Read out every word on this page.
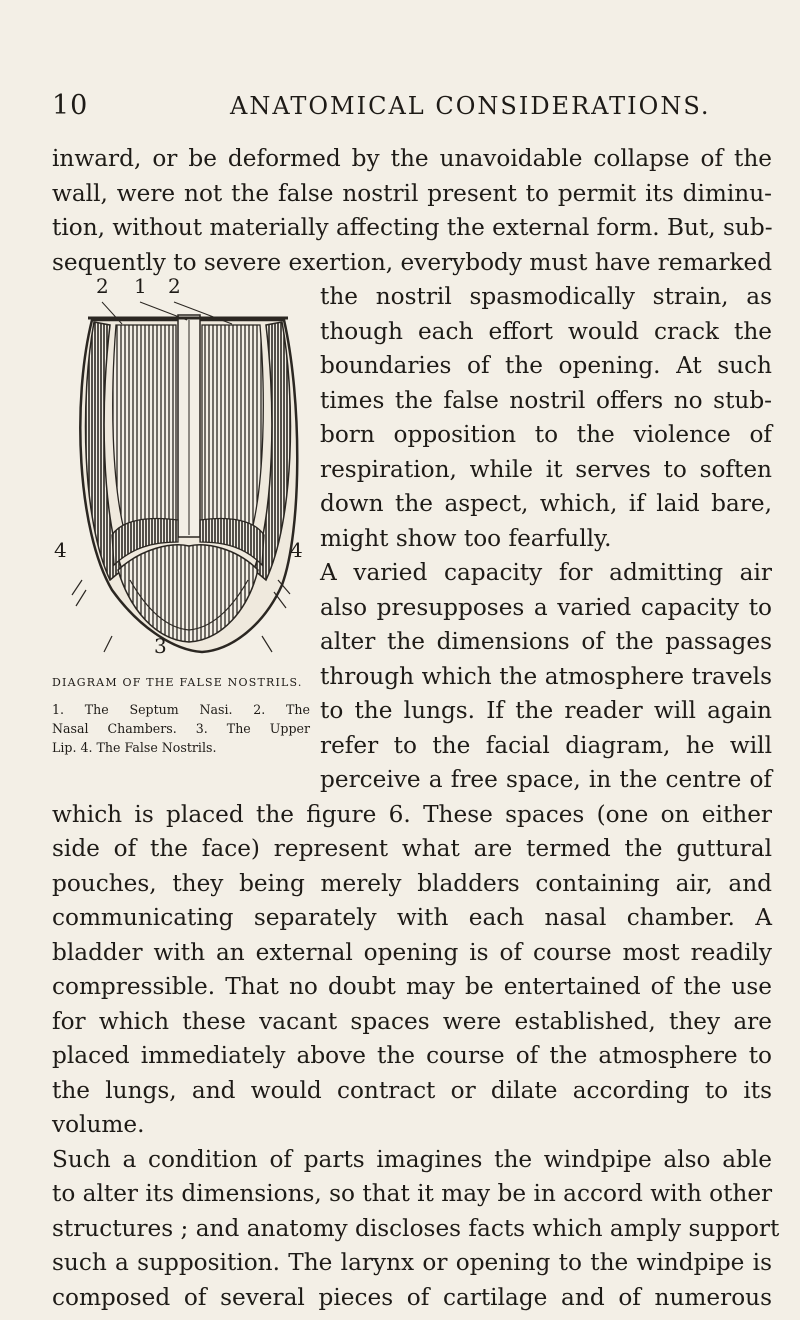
10	ANATOMICAL CONSIDERATIONS.
2 1 2
4	4
3
DIAGRAM OF THE FALSE NOSTRILS.
1. The Septum Nasi. 2. The
Nasal Chambers. 3. The Upper
Lip. 4. The False Nostrils.
inward, or be deformed by the unavoidable collapse of the
wall, were not the false nostril present to permit its diminu-
tion, without materially affecting the external form. But, sub-
sequently to severe exertion, everybody must have remarked
the nostril spasmodically strain, as
though each effort would crack the
boundaries of the opening. At such
times the false nostril offers no stub-
born opposition to the violence of
respiration, while it serves to soften
down the aspect, which, if laid bare,
might show too fearfully.
A varied capacity for admitting air
also presupposes a varied capacity to
alter the dimensions of the passages
through which the atmosphere travels
to the lungs. If the reader will again
refer to the facial diagram, he will
perceive a free space, in the centre of
which is placed the figure 6. These spaces (one on either
side of the face) represent what are termed the guttural
pouches, they being merely bladders containing air, and
communicating separately with each nasal chamber. A
bladder with an external opening is of course most readily
compressible. That no doubt may be entertained of the use
for which these vacant spaces were established, they are
placed immediately above the course of the atmosphere to
the lungs, and would contract or dilate according to its
volume.
Such a condition of parts imagines the windpipe also able
to alter its dimensions, so that it may be in accord with other
structures ; and anatomy discloses facts which amply support
such a supposition. The larynx or opening to the windpipe is
composed of several pieces of cartilage and of numerous
